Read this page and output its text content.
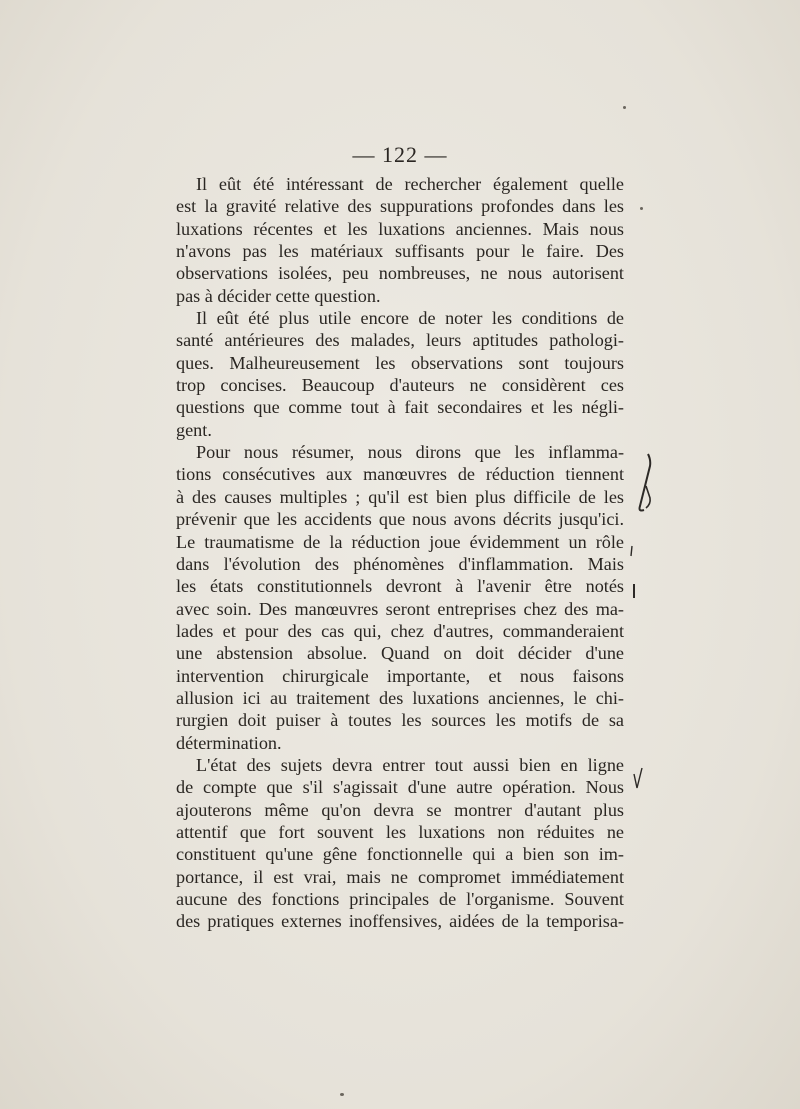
— 122 —
Il eût été intéressant de rechercher également quelle
est la gravité relative des suppurations profondes dans les
luxations récentes et les luxations anciennes. Mais nous
n'avons pas les matériaux suffisants pour le faire. Des
observations isolées, peu nombreuses, ne nous autorisent
pas à décider cette question.
Il eût été plus utile encore de noter les conditions de
santé antérieures des malades, leurs aptitudes pathologi-
ques. Malheureusement les observations sont toujours
trop concises. Beaucoup d'auteurs ne considèrent ces
questions que comme tout à fait secondaires et les négli-
gent.
Pour nous résumer, nous dirons que les inflamma-
tions consécutives aux manœuvres de réduction tiennent
à des causes multiples ; qu'il est bien plus difficile de les
prévenir que les accidents que nous avons décrits jusqu'ici.
Le traumatisme de la réduction joue évidemment un rôle
dans l'évolution des phénomènes d'inflammation. Mais
les états constitutionnels devront à l'avenir être notés
avec soin. Des manœuvres seront entreprises chez des ma-
lades et pour des cas qui, chez d'autres, commanderaient
une abstension absolue. Quand on doit décider d'une
intervention chirurgicale importante, et nous faisons
allusion ici au traitement des luxations anciennes, le chi-
rurgien doit puiser à toutes les sources les motifs de sa
détermination.
L'état des sujets devra entrer tout aussi bien en ligne
de compte que s'il s'agissait d'une autre opération. Nous
ajouterons même qu'on devra se montrer d'autant plus
attentif que fort souvent les luxations non réduites ne
constituent qu'une gêne fonctionnelle qui a bien son im-
portance, il est vrai, mais ne compromet immédiatement
aucune des fonctions principales de l'organisme. Souvent
des pratiques externes inoffensives, aidées de la temporisa-
